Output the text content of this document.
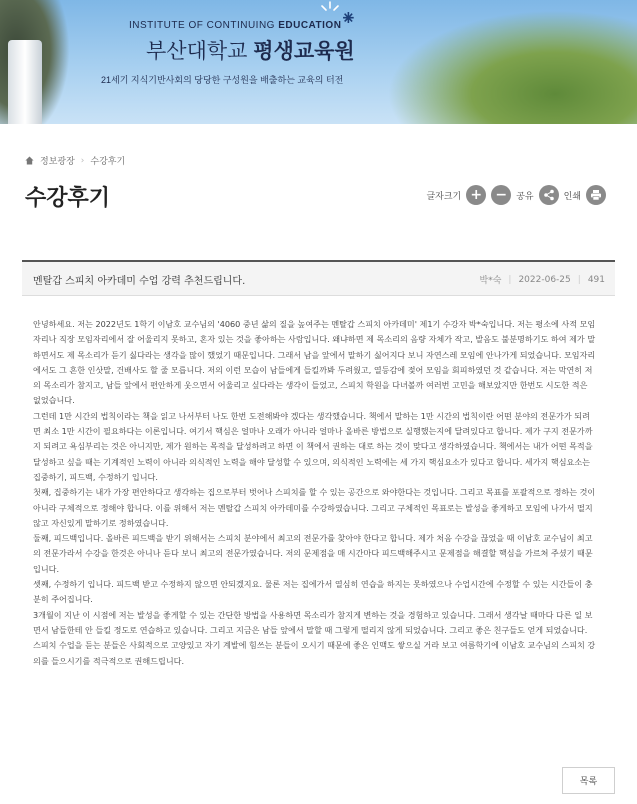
⁕
INSTITUTE OF CONTINUING EDUCATION
부산대학교 평생교육원
21세기 지식기반사회의 당당한 구성원을 배출하는 교육의 터전
정보광장 › 수강후기
수강후기	글자크기 + −	공유	인쇄
멘탈갑 스피치 아카데미 수업 강력 추천드립니다.	박*숙 | 2022-06-25 | 491

안녕하세요. 저는 2022년도 1학기 이남호 교수님의 '4060 중년 삶의 질을 높여주는 멘탈갑 스피치 아카데미' 제1기 수강자 박*숙입니다. 저는 평소에 사적 모임자리나 직장 모임자리에서 잘 어울리지 못하고, 혼자 있는 것을 좋아하는 사람입니다. 왜냐하면 제 목소리의 음량 자체가 작고, 발음도 불분명하기도 하여 제가 말하면서도 제 목소리가 듣기 싫다라는 생각을 많이 했었기 때문입니다. 그래서 남을 앞에서 말하기 싫어지다 보니 자연스레 모임에 안나가게 되었습니다. 모임자리에서도 그 흔한 인삿말, 건배사도 할 줄 모릅니다. 저의 이런 모습이 남들에게 들킬까봐 두려웠고, 열등감에 젖어 모임을 회피하였던 것 같습니다. 저는 막연히 저의 목소리가 참지고, 남들 앞에서 편안하게 웃으면서 어울리고 싶다라는 생각이 들었고, 스피치 학원을 다녀볼까 여러번 고민을 해보았지만 한번도 시도한 적은 없었습니다.

그런데 1만 시간의 법칙이라는 책을 읽고 나서부터 나도 한번 도전해봐야 겠다는 생각했습니다. 책에서 말하는 1만 시간의 법칙이란 어떤 분야의 전문가가 되려면 최소 1만 시간이 필요하다는 이론입니다. 여기서 핵심은 얼마나 오래가 아니라 얼마나 올바른 방법으로 실행했는지에 달려있다고 합니다. 제가 구지 전문가까지 되려고 욕심부리는 것은 아니지만, 제가 원하는 목적을 달성하려고 하면 이 책에서 권하는 대로 하는 것이 맞다고 생각하였습니다. 책에서는 내가 어떤 목적을 달성하고 싶을 때는 기계적인 노력이 아니라 의식적인 노력을 해야 달성할 수 있으며, 의식적인 노력에는 세 가지 핵심요소가 있다고 합니다. 세가지 핵심요소는 집중하기, 피드백, 수정하기 입니다.

첫째, 집중하기는 내가 가장 편안하다고 생각하는 집으로부터 벗어나 스피치를 할 수 있는 공간으로 와야한다는 것입니다. 그리고 목표를 포괄적으로 정하는 것이 아니라 구체적으로 정해야 합니다. 이를 위해서 저는 멘탈갑 스피치 아카데미를 수강하였습니다. 그리고 구체적인 목표로는 발성을 좋게하고 모임에 나가서 떨지않고 자신있게 말하기로 정하였습니다.

둘째, 피드백입니다. 올바른 피드백을 받기 위해서는 스피치 분야에서 최고의 전문가를 찾아야 한다고 합니다. 제가 처음 수강을 끊었을 때 이남호 교수님이 최고의 전문가라서 수강을 한것은 아니나 듣다 보니 최고의 전문가였습니다. 저의 문제점을 매 시간마다 피드백해주시고 문제점을 해결할 핵심을 가르쳐 주셨기 때문입니다.

셋째, 수정하기 입니다. 피드백 받고 수정하지 않으면 안되겠지요. 물론 저는 집에가서 열심히 연습을 하지는 못하였으나 수업시간에 수정할 수 있는 시간들이 충분히 주어집니다.

3개월이 지난 이 시점에 저는 발성을 좋게할 수 있는 간단한 방법을 사용하면 목소리가 참지게 변하는 것을 경험하고 있습니다. 그래서 생각날 때마다 다른 일 보면서 남들한테 안 들킬 정도로 연습하고 있습니다. 그리고 지금은 남들 앞에서 말할 때 그렇게 떨리지 않게 되었습니다. 그리고 좋은 친구들도 얻게 되었습니다. 스피치 수업을 듣는 분들은 사회적으로 고양있고 자기 계발에 힘쓰는 분들이 오시기 때문에 좋은 인맥도 쌓으실 거라 보고 여름학기에 이남호 교수님의 스피치 강의를 들으시기를 적극적으로 권해드립니다.

목록
